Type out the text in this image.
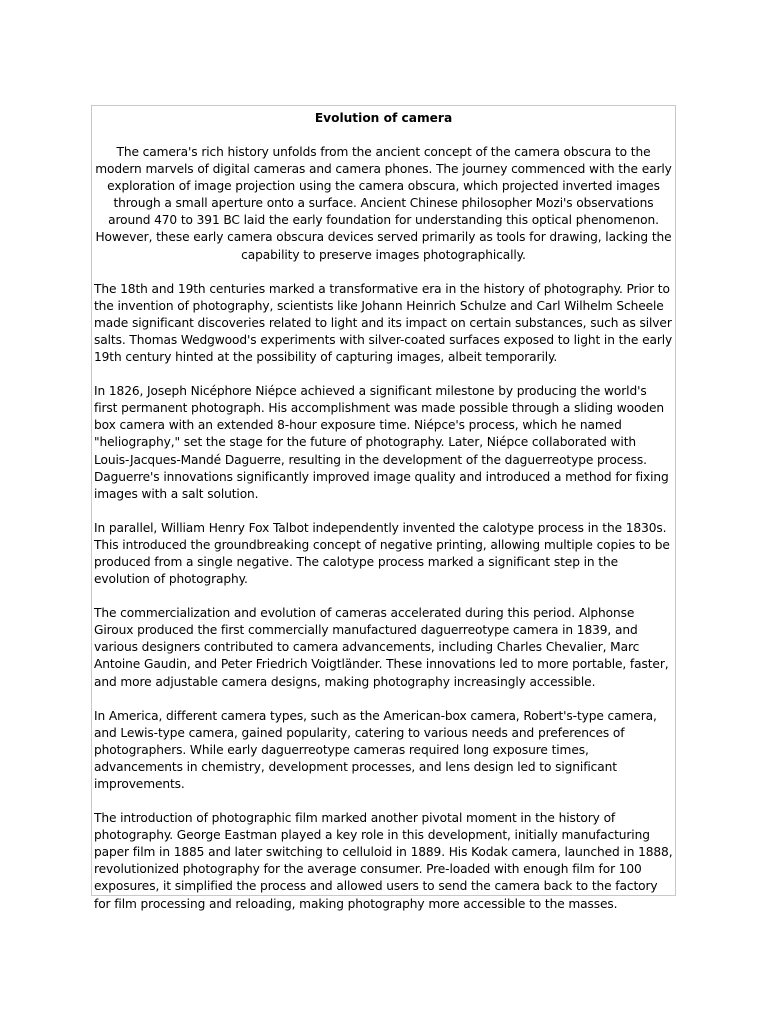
Evolution of camera

The camera's rich history unfolds from the ancient concept of the camera obscura to the modern marvels of digital cameras and camera phones. The journey commenced with the early exploration of image projection using the camera obscura, which projected inverted images through a small aperture onto a surface. Ancient Chinese philosopher Mozi's observations around 470 to 391 BC laid the early foundation for understanding this optical phenomenon. However, these early camera obscura devices served primarily as tools for drawing, lacking the capability to preserve images photographically.

The 18th and 19th centuries marked a transformative era in the history of photography. Prior to the invention of photography, scientists like Johann Heinrich Schulze and Carl Wilhelm Scheele made significant discoveries related to light and its impact on certain substances, such as silver salts. Thomas Wedgwood's experiments with silver-coated surfaces exposed to light in the early 19th century hinted at the possibility of capturing images, albeit temporarily.

In 1826, Joseph Nicéphore Niépce achieved a significant milestone by producing the world's first permanent photograph. His accomplishment was made possible through a sliding wooden box camera with an extended 8-hour exposure time. Niépce's process, which he named "heliography," set the stage for the future of photography. Later, Niépce collaborated with Louis-Jacques-Mandé Daguerre, resulting in the development of the daguerreotype process. Daguerre's innovations significantly improved image quality and introduced a method for fixing images with a salt solution.

In parallel, William Henry Fox Talbot independently invented the calotype process in the 1830s. This introduced the groundbreaking concept of negative printing, allowing multiple copies to be produced from a single negative. The calotype process marked a significant step in the evolution of photography.

The commercialization and evolution of cameras accelerated during this period. Alphonse Giroux produced the first commercially manufactured daguerreotype camera in 1839, and various designers contributed to camera advancements, including Charles Chevalier, Marc Antoine Gaudin, and Peter Friedrich Voigtländer. These innovations led to more portable, faster, and more adjustable camera designs, making photography increasingly accessible.

In America, different camera types, such as the American-box camera, Robert's-type camera, and Lewis-type camera, gained popularity, catering to various needs and preferences of photographers. While early daguerreotype cameras required long exposure times, advancements in chemistry, development processes, and lens design led to significant improvements.

The introduction of photographic film marked another pivotal moment in the history of photography. George Eastman played a key role in this development, initially manufacturing paper film in 1885 and later switching to celluloid in 1889. His Kodak camera, launched in 1888, revolutionized photography for the average consumer. Pre-loaded with enough film for 100 exposures, it simplified the process and allowed users to send the camera back to the factory for film processing and reloading, making photography more accessible to the masses.
